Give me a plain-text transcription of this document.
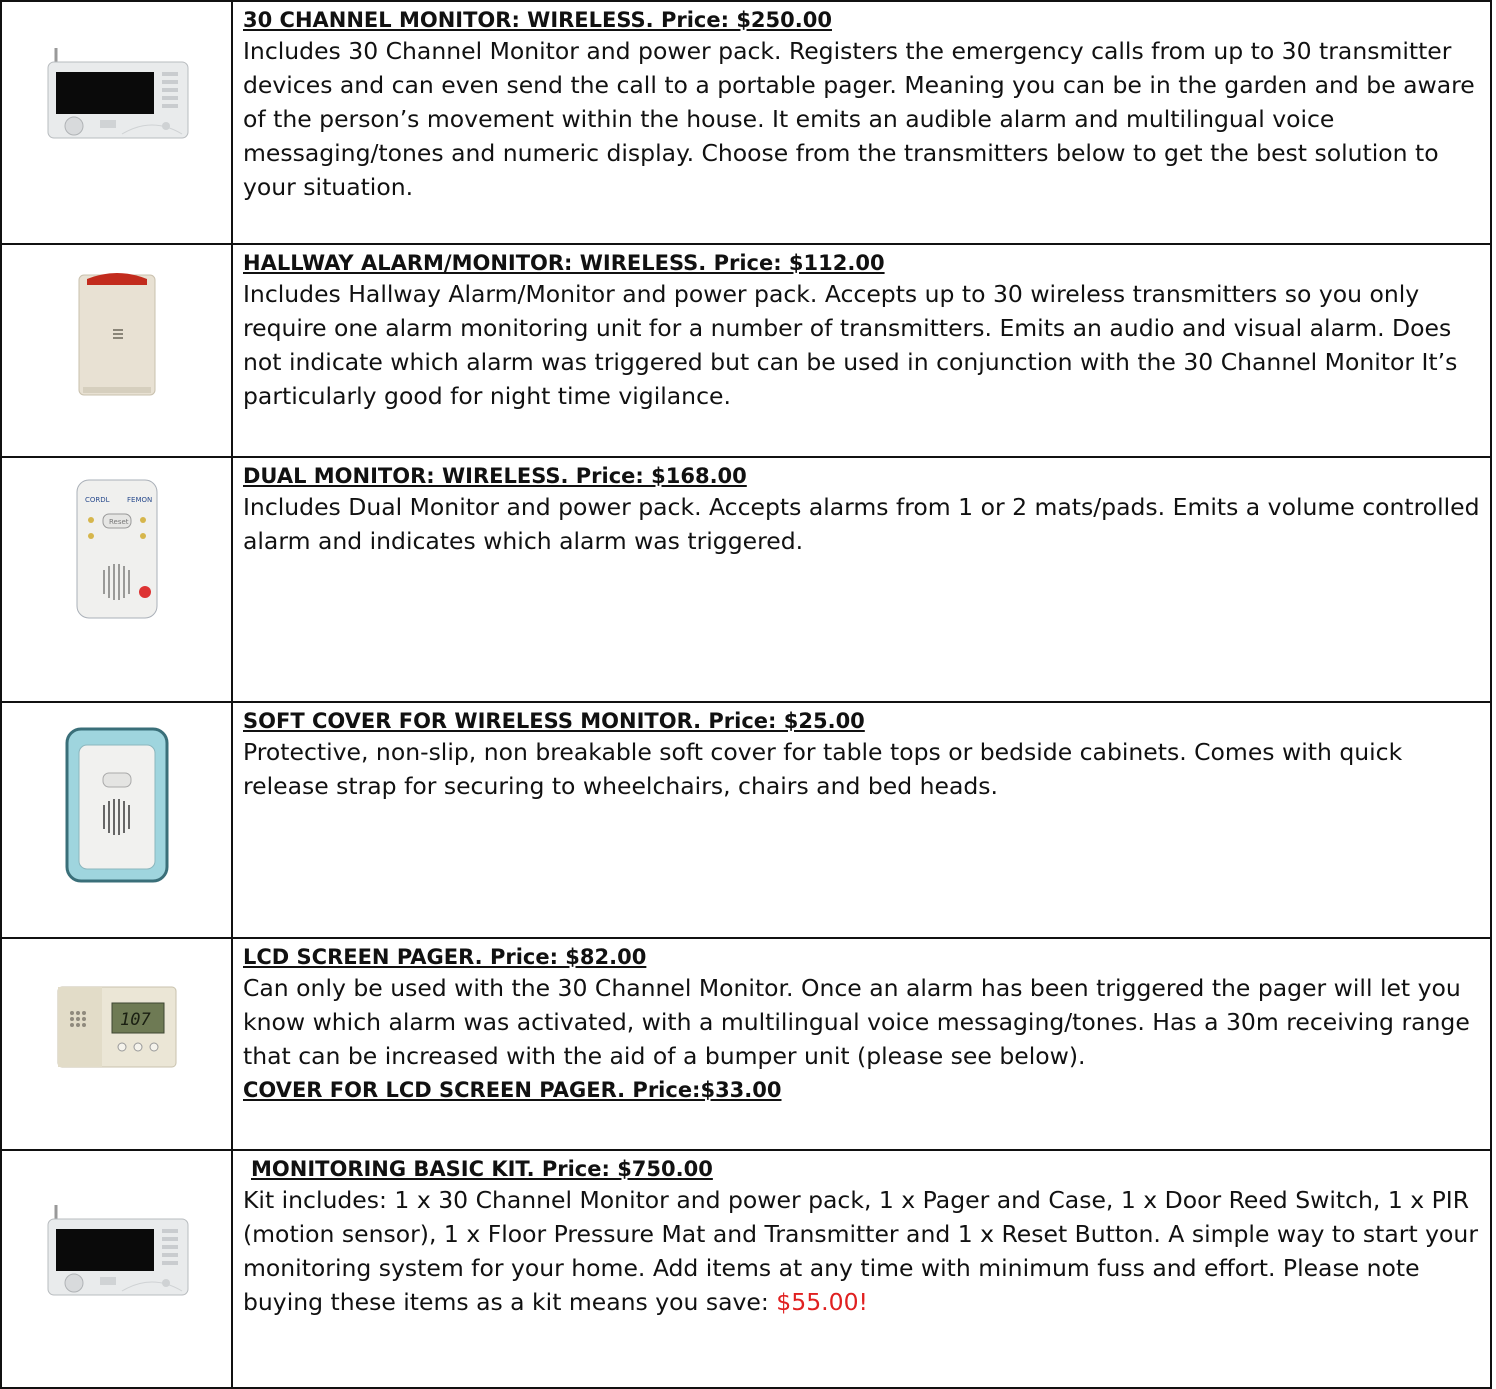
30 CHANNEL MONITOR: WIRELESS. Price: $250.00
Includes 30 Channel Monitor and power pack. Registers the emergency calls from up to 30 transmitter devices and can even send the call to a portable pager. Meaning you can be in the garden and be aware of the person’s movement within the house. It emits an audible alarm and multilingual voice messaging/tones and numeric display. Choose from the transmitters below to get the best solution to your situation.

HALLWAY ALARM/MONITOR: WIRELESS. Price: $112.00
Includes Hallway Alarm/Monitor and power pack. Accepts up to 30 wireless transmitters so you only require one alarm monitoring unit for a number of transmitters. Emits an audio and visual alarm. Does not indicate which alarm was triggered but can be used in conjunction with the 30 Channel Monitor It’s particularly good for night time vigilance.

CORDL FEMON
Reset	DUAL MONITOR: WIRELESS. Price: $168.00
Includes Dual Monitor and power pack. Accepts alarms from 1 or 2 mats/pads. Emits a volume controlled alarm and indicates which alarm was triggered.

SOFT COVER FOR WIRELESS MONITOR. Price: $25.00
Protective, non-slip, non breakable soft cover for table tops or bedside cabinets. Comes with quick release strap for securing to wheelchairs, chairs and bed heads.

107	LCD SCREEN PAGER. Price: $82.00
Can only be used with the 30 Channel Monitor. Once an alarm has been triggered the pager will let you know which alarm was activated, with a multilingual voice messaging/tones. Has a 30m receiving range that can be increased with the aid of a bumper unit (please see below).
COVER FOR LCD SCREEN PAGER. Price:$33.00

MONITORING BASIC KIT. Price: $750.00
Kit includes: 1 x 30 Channel Monitor and power pack, 1 x Pager and Case, 1 x Door Reed Switch, 1 x PIR (motion sensor), 1 x Floor Pressure Mat and Transmitter and 1 x Reset Button. A simple way to start your monitoring system for your home. Add items at any time with minimum fuss and effort. Please note buying these items as a kit means you save: $55.00!
